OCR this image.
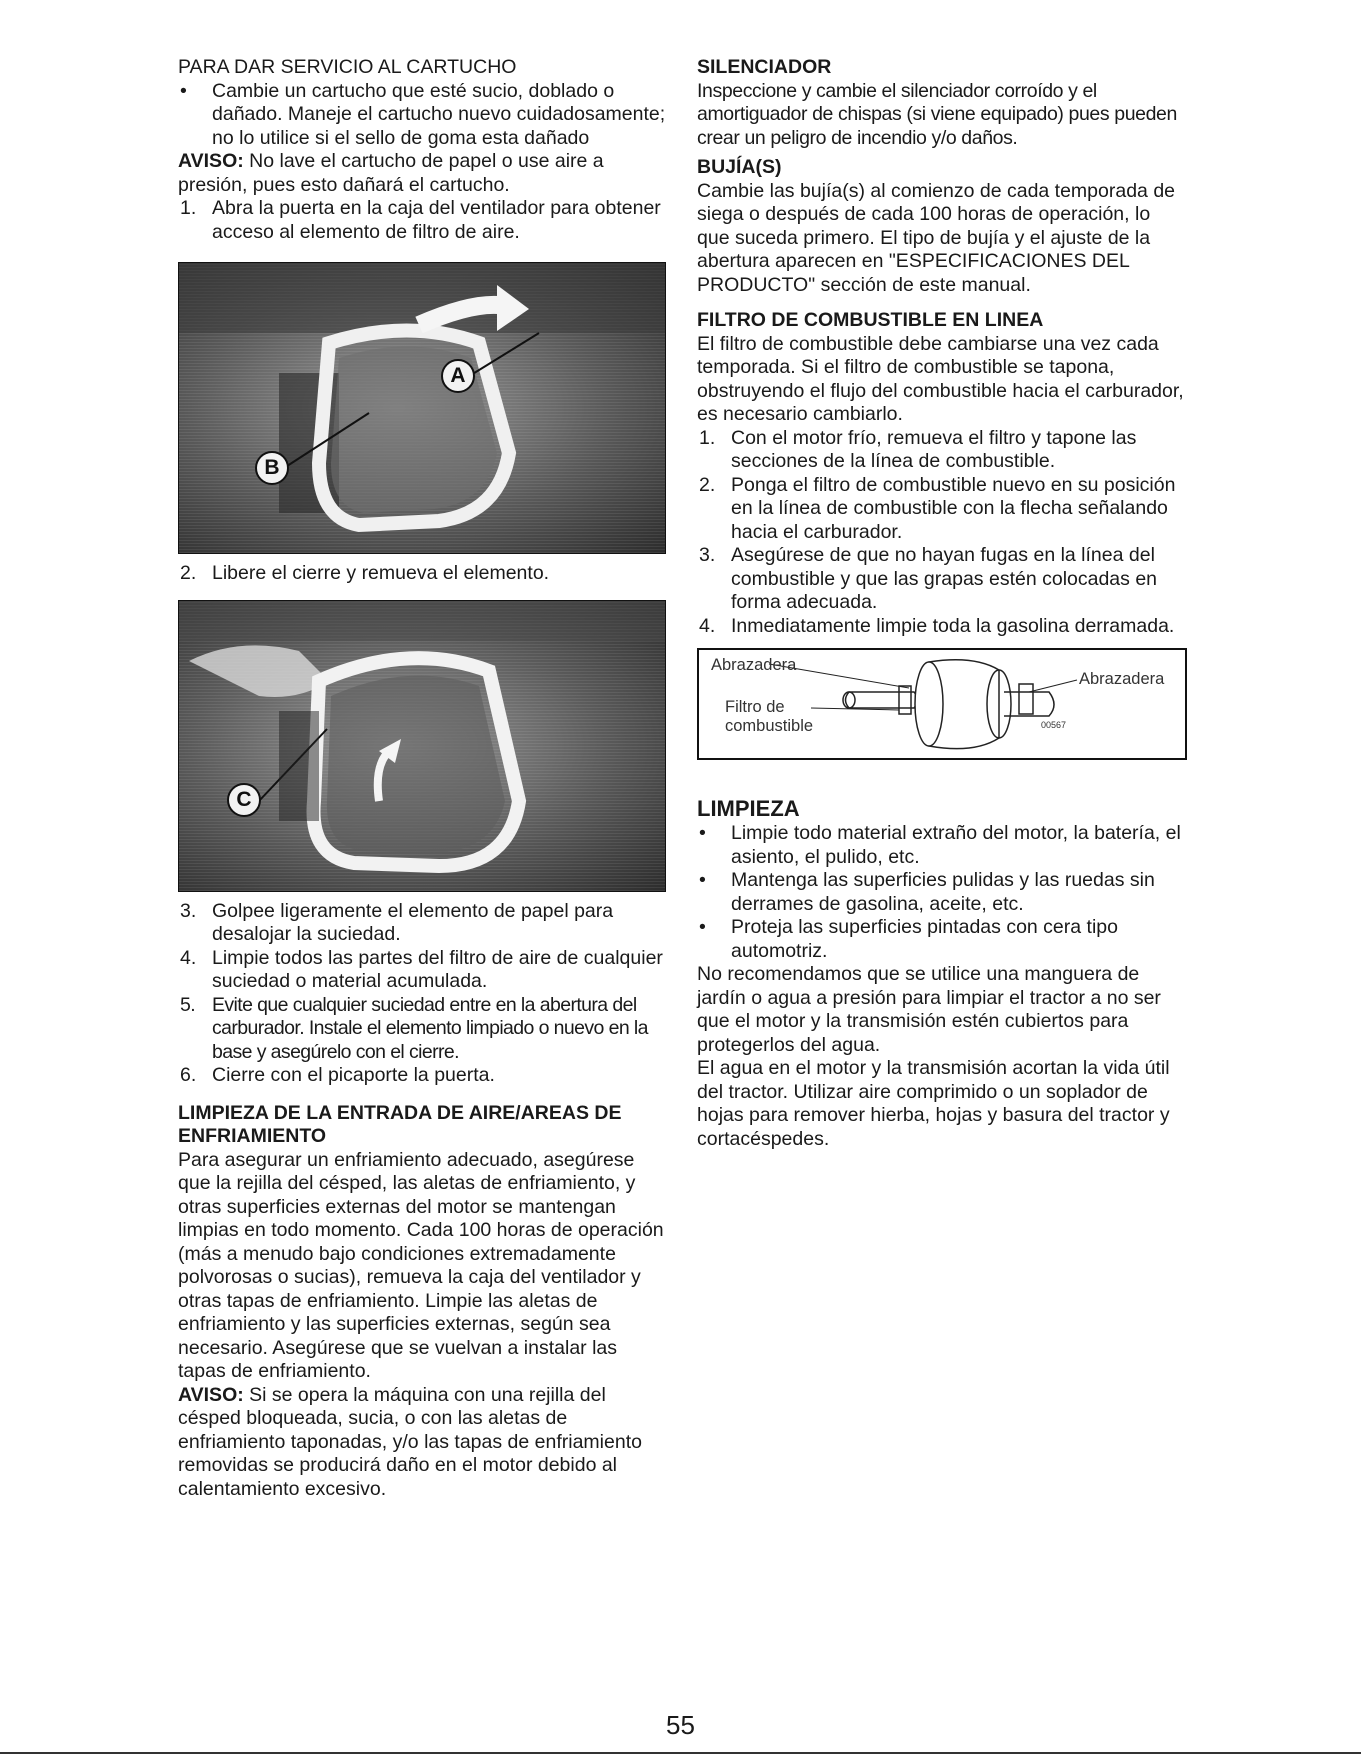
PARA DAR SERVICIO AL CARTUCHO

• Cambie un cartucho que esté sucio, doblado o dañado. Maneje el cartucho nuevo cuidadosamente; no lo utilice si el sello de goma esta dañado

AVISO: No lave el cartucho de papel o use aire a presión, pues esto dañará el cartucho.

1. Abra la puerta en la caja del ventilador para obtener acceso al elemento de filtro de aire.
A
B
2. Libere el cierre y remueva el elemento.
C
3. Golpee ligeramente el elemento de papel para desalojar la suciedad.
4. Limpie todos las partes del filtro de aire de cualquier suciedad o material acumulada.
5. Evite que cualquier suciedad entre en la abertura del carburador. Instale el elemento limpiado o nuevo en la base y asegúrelo con el cierre.
6. Cierre con el picaporte la puerta.
LIMPIEZA DE LA ENTRADA DE AIRE/AREAS DE ENFRIAMIENTO

Para asegurar un enfriamiento adecuado, asegúrese que la rejilla del césped, las aletas de enfriamiento, y otras superficies externas del motor se mantengan limpias en todo momento. Cada 100 horas de operación (más a menudo bajo condiciones extremadamente polvorosas o sucias), remueva la caja del ventilador y otras tapas de enfriamiento. Limpie las aletas de enfriamiento y las superficies externas, según sea necesario. Asegúrese que se vuelvan a instalar las tapas de enfriamiento.

AVISO: Si se opera la máquina con una rejilla del césped bloqueada, sucia, o con las aletas de enfriamiento taponadas, y/o las tapas de enfriamiento removidas se producirá daño en el motor debido al calentamiento excesivo.

SILENCIADOR

Inspeccione y cambie el silenciador corroído y el amortiguador de chispas (si viene equipado) pues pueden crear un peligro de incendio y/o daños.

BUJÍA(S)

Cambie las bujía(s) al comienzo de cada temporada de siega o después de cada 100 horas de operación, lo que suceda primero. El tipo de bujía y el ajuste de la abertura aparecen en "ESPECIFICACIONES DEL PRODUCTO" sección de este manual.

FILTRO DE COMBUSTIBLE EN LINEA

El filtro de combustible debe cambiarse una vez cada temporada. Si el filtro de combustible se tapona, obstruyendo el flujo del combustible hacia el carburador, es necesario cambiarlo.

1. Con el motor frío, remueva el filtro y tapone las secciones de la línea de combustible.
2. Ponga el filtro de combustible nuevo en su posición en la línea de combustible con la flecha señalando hacia el carburador.
3. Asegúrese de que no hayan fugas en la línea del combustible y que las grapas estén colocadas en forma adecuada.
4. Inmediatamente limpie toda la gasolina derramada.
Abrazadera
Abrazadera
Filtro de
combustible	00567
LIMPIEZA
• Limpie todo material extraño del motor, la batería, el asiento, el pulido, etc.
• Mantenga las superficies pulidas y las ruedas sin derrames de gasolina, aceite, etc.
• Proteja las superficies pintadas con cera tipo automotriz.

No recomendamos que se utilice una manguera de jardín o agua a presión para limpiar el tractor a no ser que el motor y la transmisión estén cubiertos para protegerlos del agua.

El agua en el motor y la transmisión acortan la vida útil del tractor. Utilizar aire comprimido o un soplador de hojas para remover hierba, hojas y basura del tractor y cortacéspedes.

55
